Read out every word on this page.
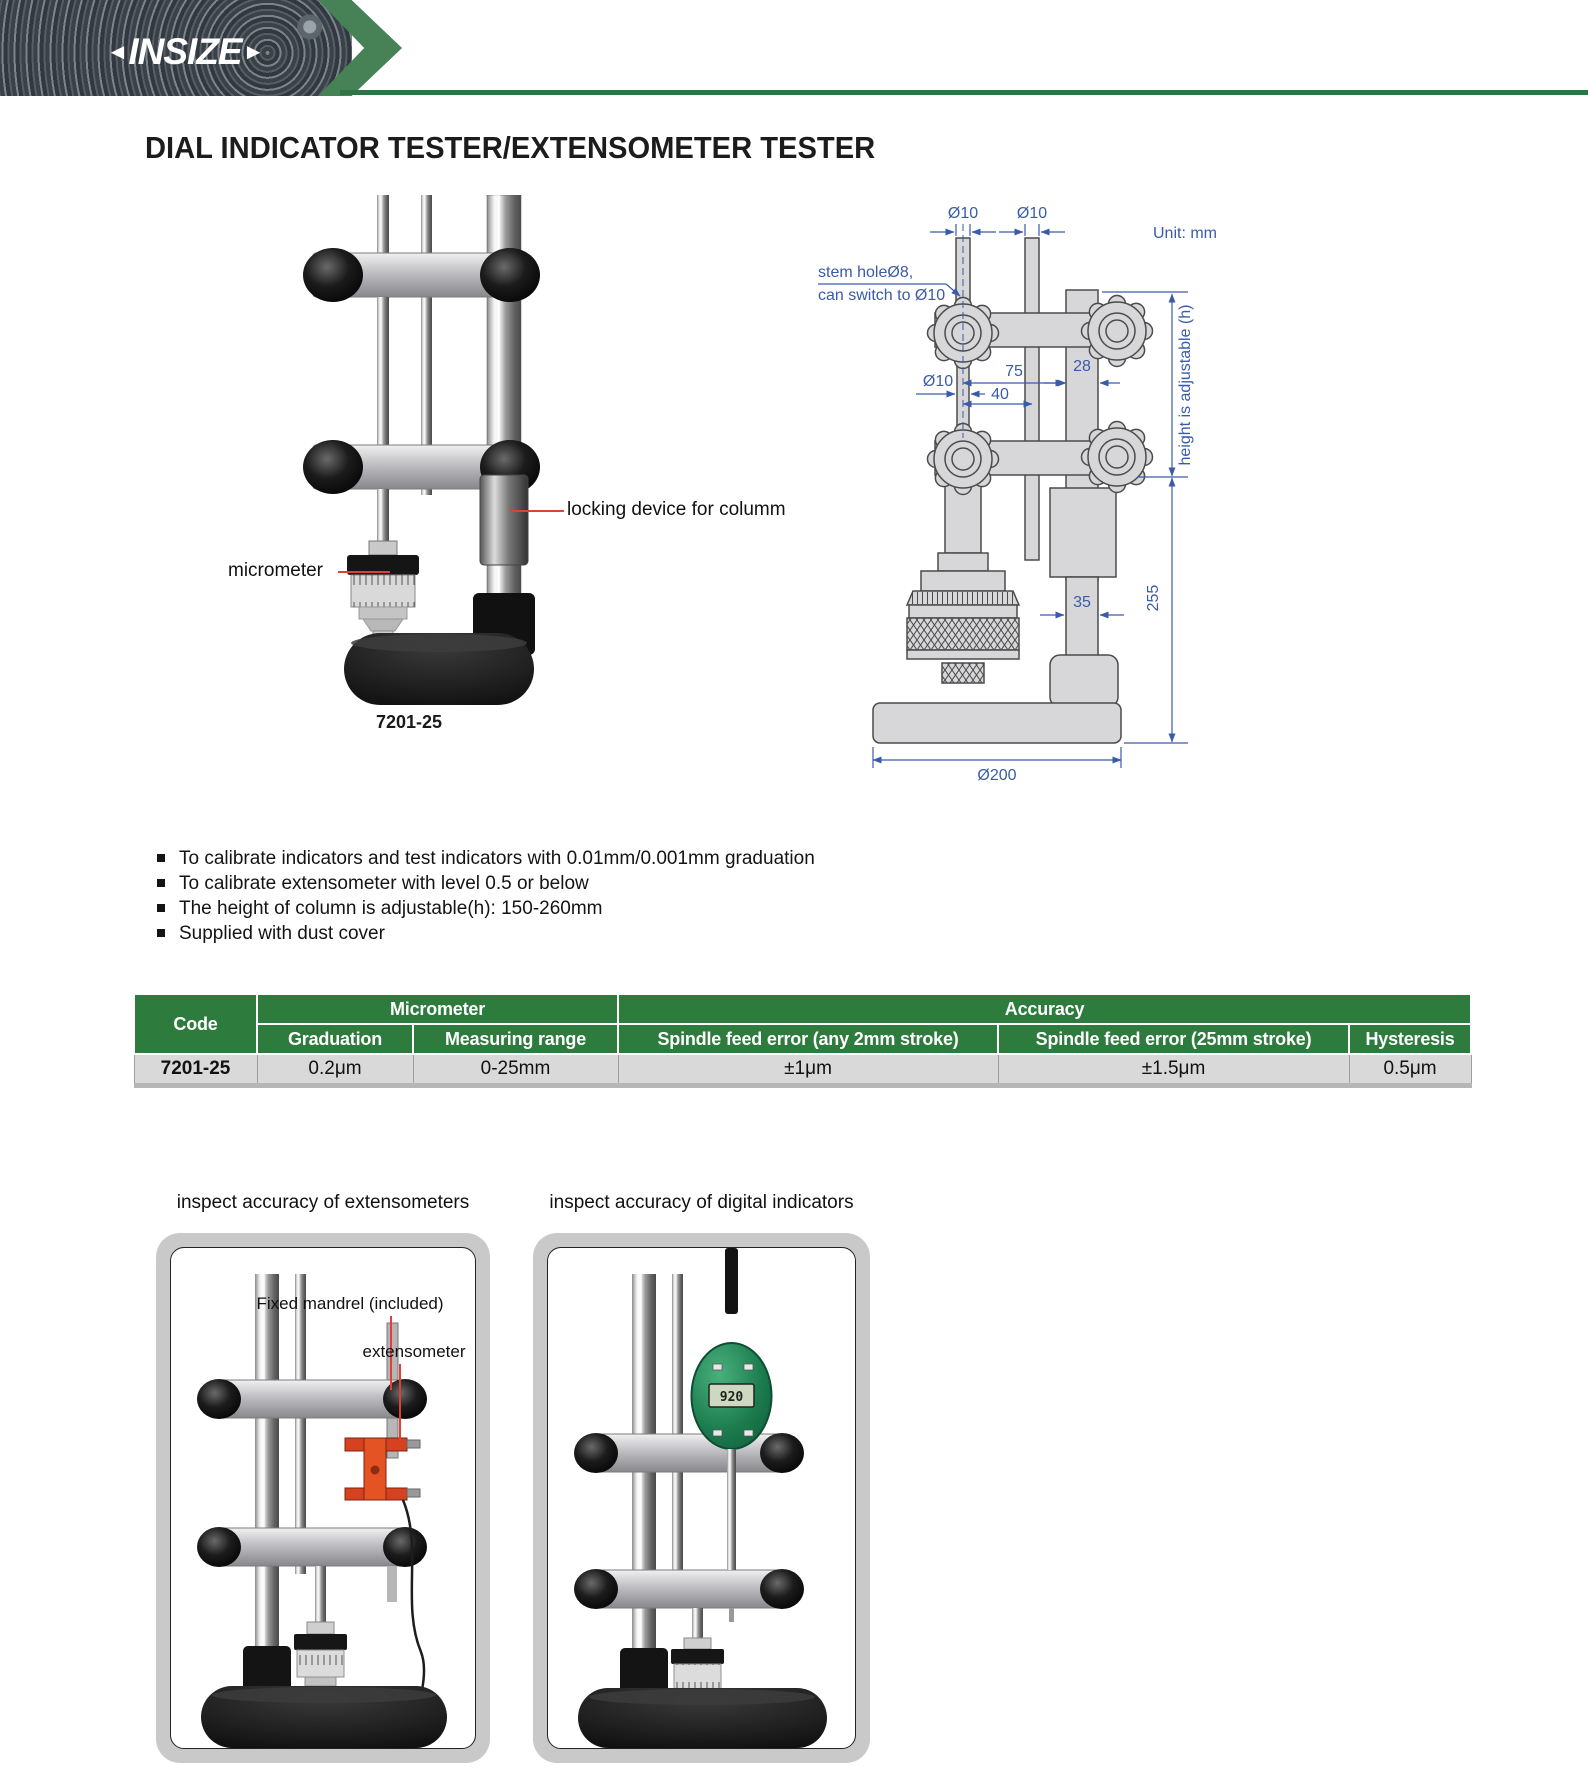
◄ INSIZE ►
DIAL INDICATOR TESTER/EXTENSOMETER TESTER
micrometer
locking device for columm
7201-25
Ø10 Ø10
stem holeØ8,
can switch to Ø10
75	28
Ø10
40
35
Ø200
height is adjustable (h)
255
Unit: mm
To calibrate indicators and test indicators with 0.01mm/0.001mm graduation
To calibrate extensometer with level 0.5 or below
The height of column is adjustable(h): 150-260mm
Supplied with dust cover
Code	Micrometer		Accuracy		
	Graduation	Measuring range	Spindle feed error (any 2mm stroke)	Spindle feed error (25mm stroke)	Hysteresis
7201-25	0.2μm	0-25mm	±1μm	±1.5μm	0.5μm
inspect accuracy of extensometers	inspect accuracy of digital indicators
Fixed mandrel (included)
extensometer
920
